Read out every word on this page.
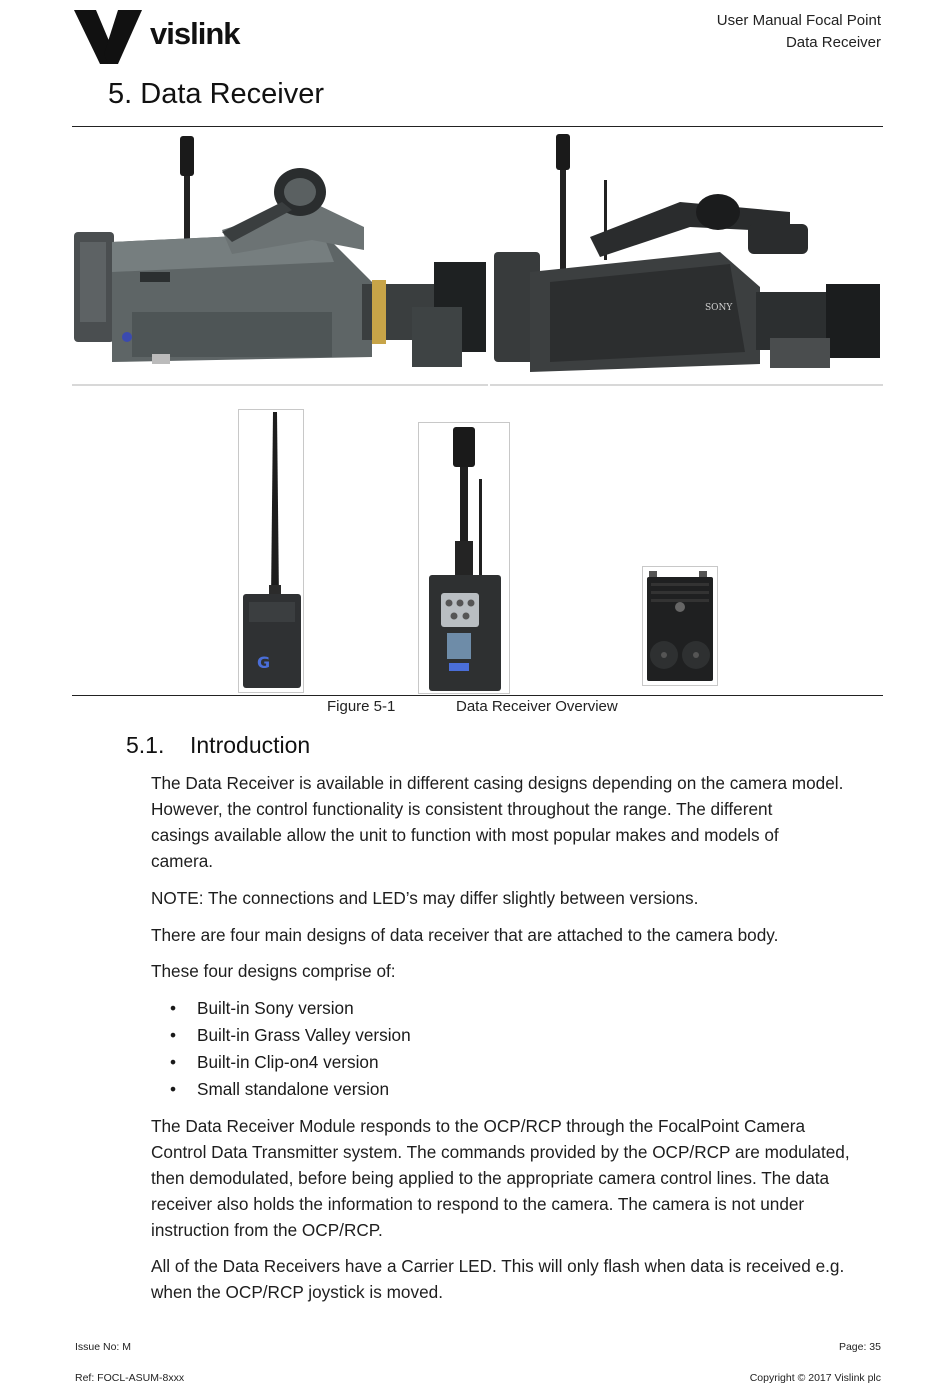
vislink	User Manual Focal Point
Data Receiver
5. Data Receiver
SONY
G
Figure 5-1	Data Receiver Overview
5.1. Introduction

The Data Receiver is available in different casing designs depending on the camera model.

However, the control functionality is consistent throughout the range. The different

casings available allow the unit to function with most popular makes and models of

camera.

NOTE: The connections and LED’s may differ slightly between versions.

There are four main designs of data receiver that are attached to the camera body.

These four designs comprise of:

• Built-in Sony version
• Built-in Grass Valley version
• Built-in Clip-on4 version
• Small standalone version

The Data Receiver Module responds to the OCP/RCP through the FocalPoint Camera

Control Data Transmitter system. The commands provided by the OCP/RCP are modulated,

then demodulated, before being applied to the appropriate camera control lines. The data

receiver also holds the information to respond to the camera. The camera is not under

instruction from the OCP/RCP.

All of the Data Receivers have a Carrier LED. This will only flash when data is received e.g.

when the OCP/RCP joystick is moved.

Issue No: M	Page: 35
Ref: FOCL-ASUM-8xxx	Copyright © 2017 Vislink plc
